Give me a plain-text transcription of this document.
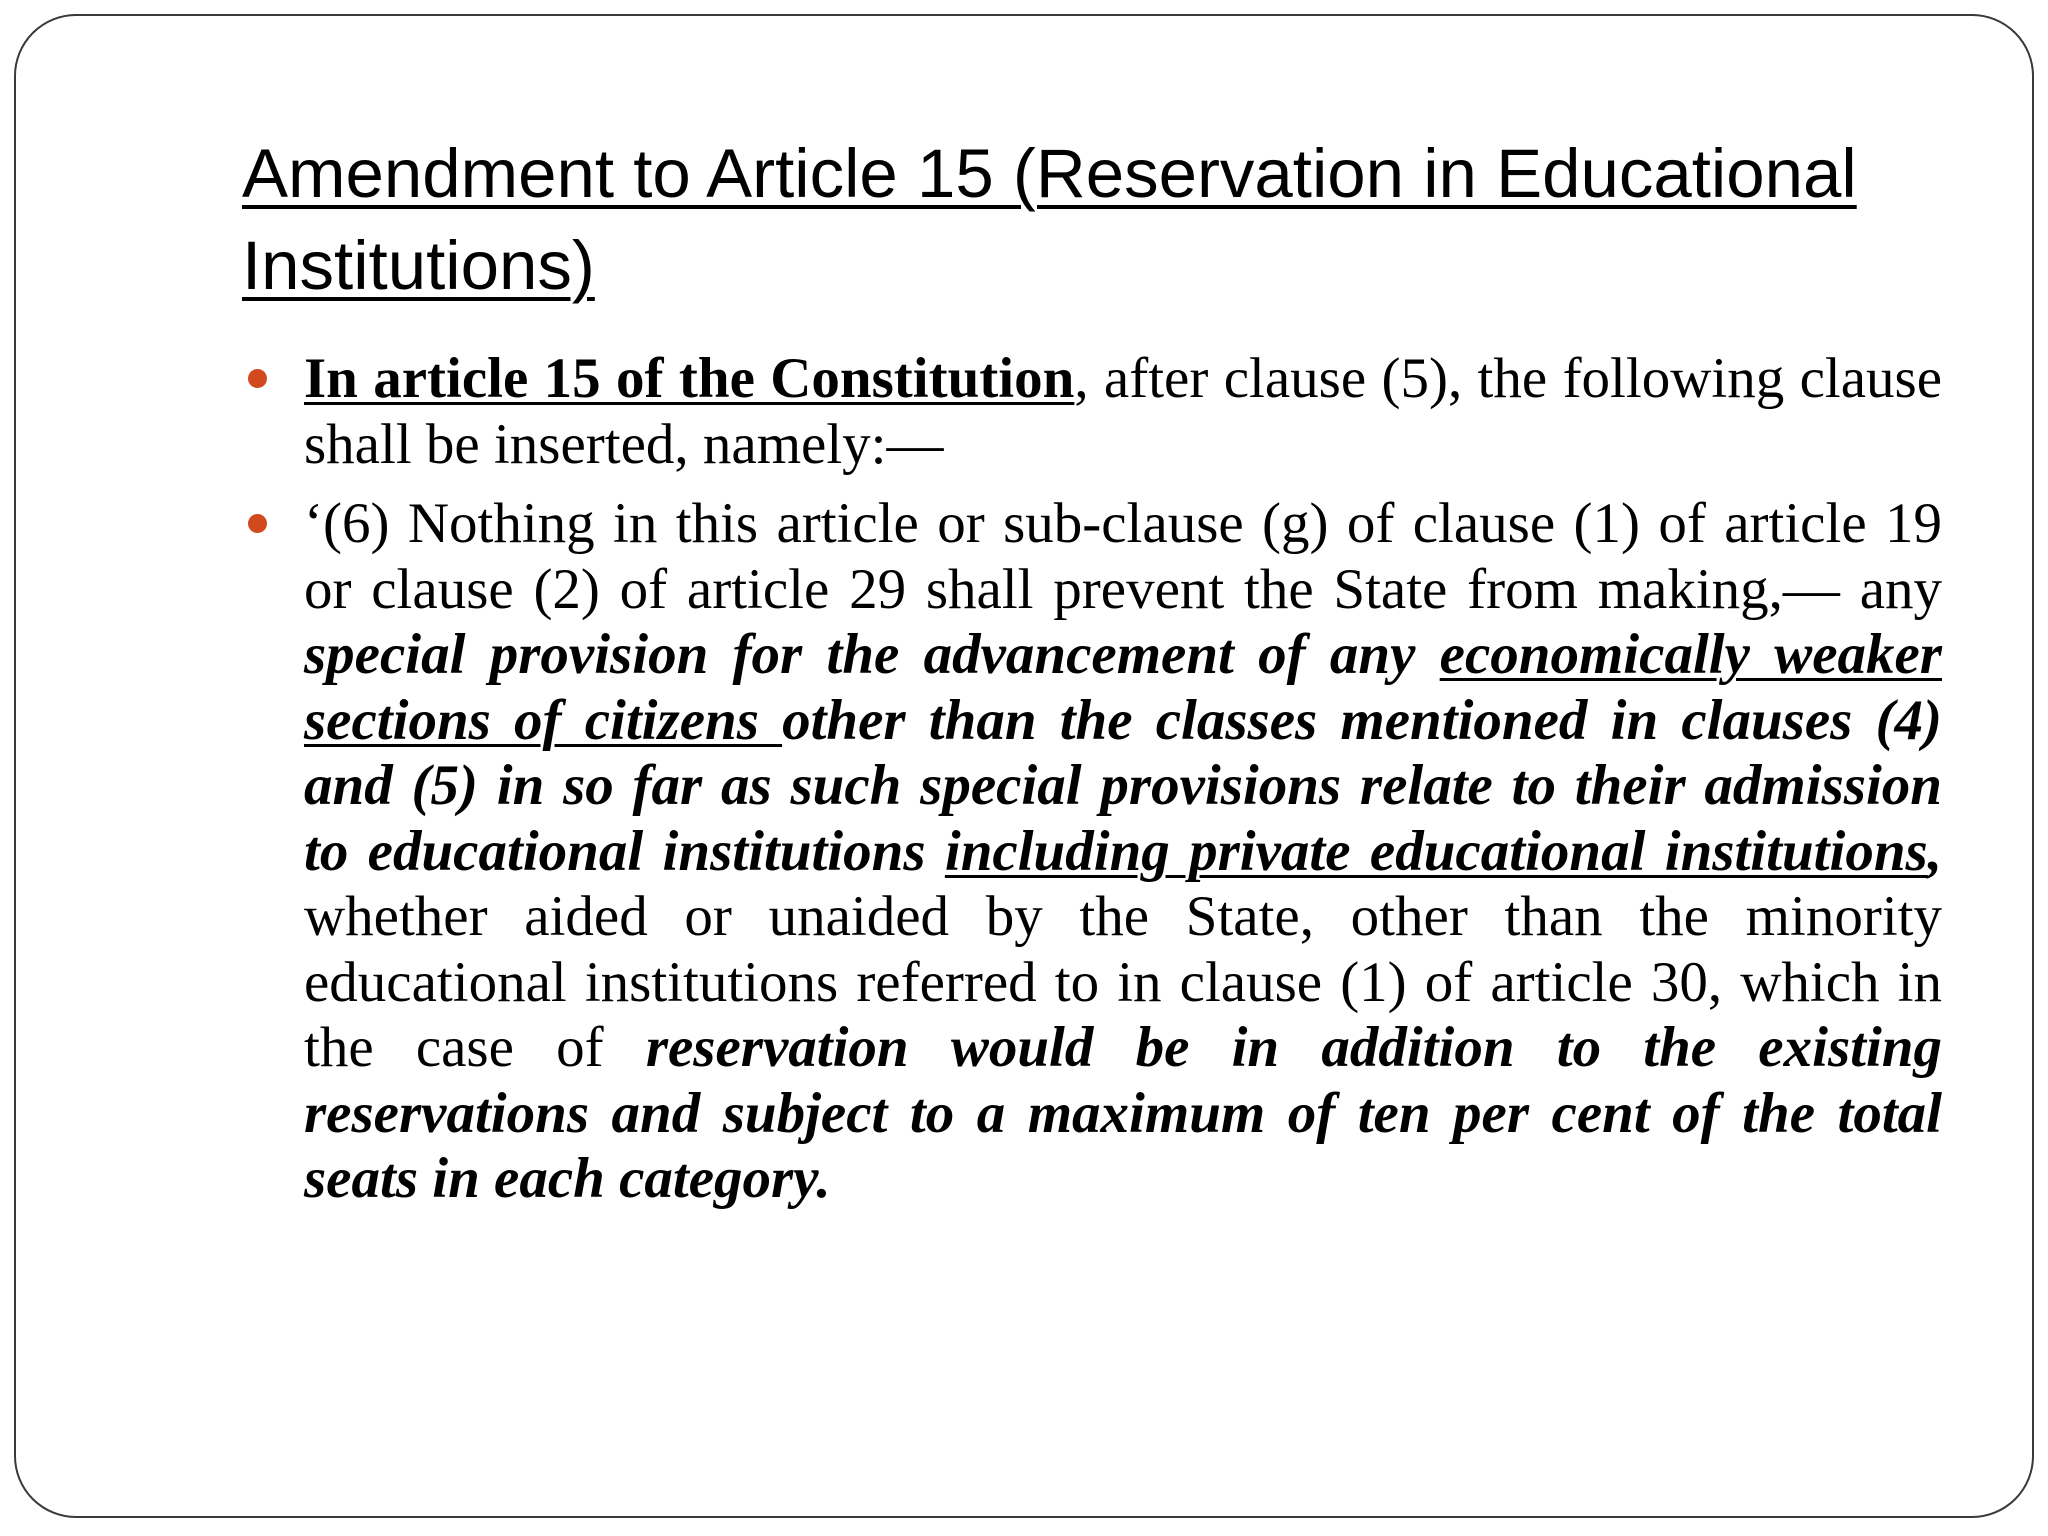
Amendment to Article 15 (Reservation in Educational Institutions)
In article 15 of the Constitution, after clause (5), the following clause shall be inserted, namely:—
‘(6) Nothing in this article or sub-clause (g) of clause (1) of article 19 or clause (2) of article 29 shall prevent the State from making,— any special provision for the advancement of any economically weaker sections of citizens other than the classes mentioned in clauses (4) and (5) in so far as such special provisions relate to their admission to educational institutions including private educational institutions, whether aided or unaided by the State, other than the minority educational institutions referred to in clause (1) of article 30, which in the case of reservation would be in addition to the existing reservations and subject to a maximum of ten per cent of the total seats in each category.
